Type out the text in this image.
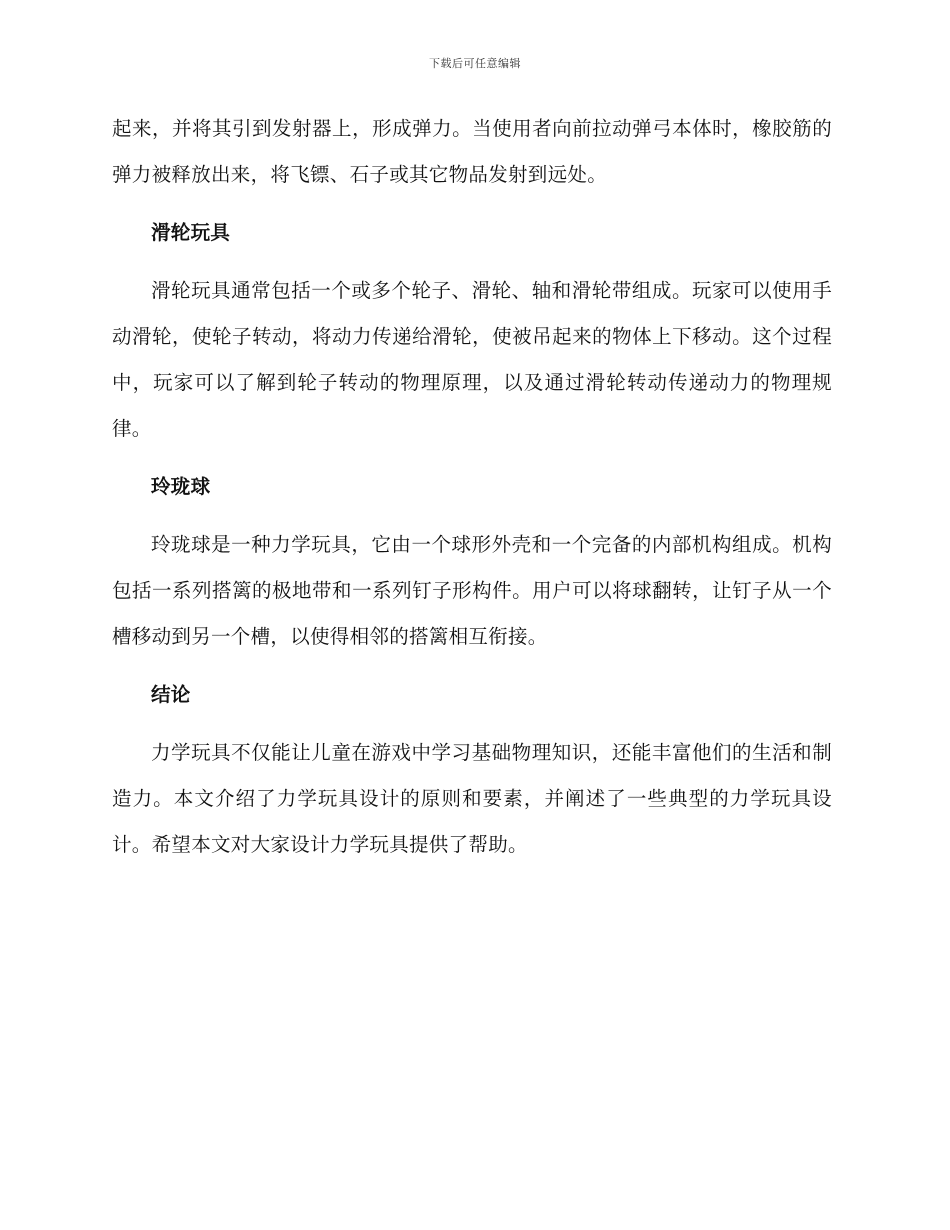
下载后可任意编辑

起来，并将其引到发射器上，形成弹力。当使用者向前拉动弹弓本体时，橡胶筋的弹力被释放出来，将飞镖、石子或其它物品发射到远处。

滑轮玩具

滑轮玩具通常包括一个或多个轮子、滑轮、轴和滑轮带组成。玩家可以使用手动滑轮，使轮子转动，将动力传递给滑轮，使被吊起来的物体上下移动。这个过程中，玩家可以了解到轮子转动的物理原理，以及通过滑轮转动传递动力的物理规律。

玲珑球

玲珑球是一种力学玩具，它由一个球形外壳和一个完备的内部机构组成。机构包括一系列搭篱的极地带和一系列钉子形构件。用户可以将球翻转，让钉子从一个槽移动到另一个槽，以使得相邻的搭篱相互衔接。

结论

力学玩具不仅能让儿童在游戏中学习基础物理知识，还能丰富他们的生活和制造力。本文介绍了力学玩具设计的原则和要素，并阐述了一些典型的力学玩具设计。希望本文对大家设计力学玩具提供了帮助。
